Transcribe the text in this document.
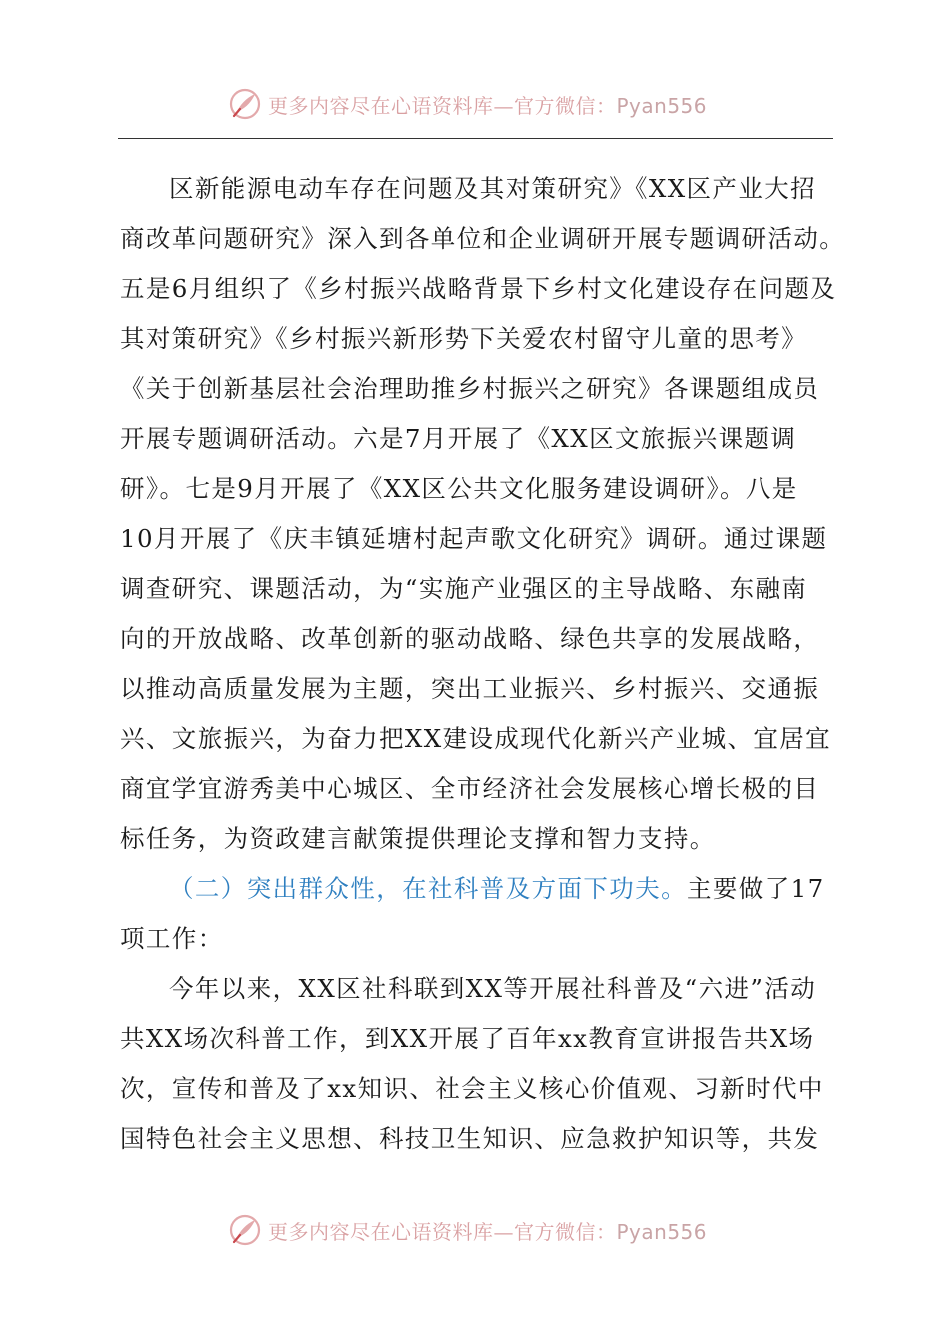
更多内容尽在心语资料库—官方微信：Pyan556
区新能源电动车存在问题及其对策研究》《XX区产业大招
商改革问题研究》深入到各单位和企业调研开展专题调研活动。
五是6月组织了《乡村振兴战略背景下乡村文化建设存在问题及
其对策研究》《乡村振兴新形势下关爱农村留守儿童的思考》
《关于创新基层社会治理助推乡村振兴之研究》各课题组成员
开展专题调研活动。六是7月开展了《XX区文旅振兴课题调
研》。七是9月开展了《XX区公共文化服务建设调研》。八是
10月开展了《庆丰镇延塘村起声歌文化研究》调研。通过课题
调查研究、课题活动，为“实施产业强区的主导战略、东融南
向的开放战略、改革创新的驱动战略、绿色共享的发展战略，
以推动高质量发展为主题，突出工业振兴、乡村振兴、交通振
兴、文旅振兴，为奋力把XX建设成现代化新兴产业城、宜居宜
商宜学宜游秀美中心城区、全市经济社会发展核心增长极的目
标任务，为资政建言献策提供理论支撑和智力支持。
（二）突出群众性，在社科普及方面下功夫。主要做了17
项工作：
今年以来，XX区社科联到XX等开展社科普及“六进”活动
共XX场次科普工作，到XX开展了百年xx教育宣讲报告共X场
次，宣传和普及了xx知识、社会主义核心价值观、习新时代中
国特色社会主义思想、科技卫生知识、应急救护知识等，共发
更多内容尽在心语资料库—官方微信：Pyan556
